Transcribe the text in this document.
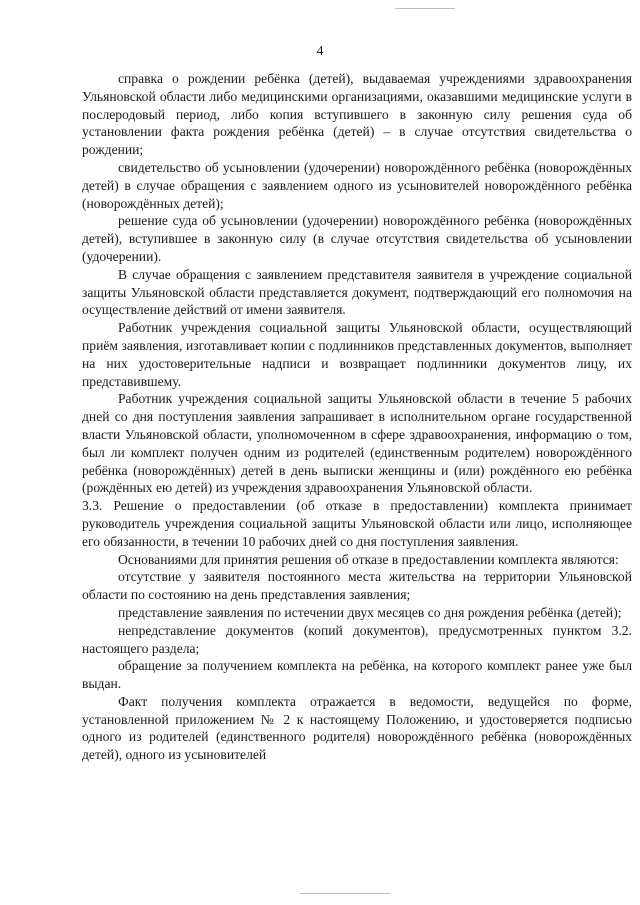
4

справка о рождении ребёнка (детей), выдаваемая учреждениями здравоохранения Ульяновской области либо медицинскими организациями, оказавшими медицинские услуги в послеродовый период, либо копия вступившего в законную силу решения суда об установлении факта рождения ребёнка (детей) – в случае отсутствия свидетельства о рождении;

свидетельство об усыновлении (удочерении) новорождённого ребёнка (новорождённых детей) в случае обращения с заявлением одного из усыновителей новорождённого ребёнка (новорождённых детей);

решение суда об усыновлении (удочерении) новорождённого ребёнка (новорождённых детей), вступившее в законную силу (в случае отсутствия свидетельства об усыновлении (удочерении).

В случае обращения с заявлением представителя заявителя в учреждение социальной защиты Ульяновской области представляется документ, подтверждающий его полномочия на осуществление действий от имени заявителя.

Работник учреждения социальной защиты Ульяновской области, осуществляющий приём заявления, изготавливает копии с подлинников представленных документов, выполняет на них удостоверительные надписи и возвращает подлинники документов лицу, их представившему.

Работник учреждения социальной защиты Ульяновской области в течение 5 рабочих дней со дня поступления заявления запрашивает в исполнительном органе государственной власти Ульяновской области, уполномоченном в сфере здравоохранения, информацию о том, был ли комплект получен одним из родителей (единственным родителем) новорождённого ребёнка (новорождённых) детей в день выписки женщины и (или) рождённого ею ребёнка (рождённых ею детей) из учреждения здравоохранения Ульяновской области.

3.3. Решение о предоставлении (об отказе в предоставлении) комплекта принимает руководитель учреждения социальной защиты Ульяновской области или лицо, исполняющее его обязанности, в течении 10 рабочих дней со дня поступления заявления.

Основаниями для принятия решения об отказе в предоставлении комплекта являются:

отсутствие у заявителя постоянного места жительства на территории Ульяновской области по состоянию на день представления заявления;

представление заявления по истечении двух месяцев со дня рождения ребёнка (детей);

непредставление документов (копий документов), предусмотренных пунктом 3.2. настоящего раздела;

обращение за получением комплекта на ребёнка, на которого комплект ранее уже был выдан.

Факт получения комплекта отражается в ведомости, ведущейся по форме, установленной приложением № 2 к настоящему Положению, и удостоверяется подписью одного из родителей (единственного родителя) новорождённого ребёнка (новорождённых детей), одного из усыновителей
